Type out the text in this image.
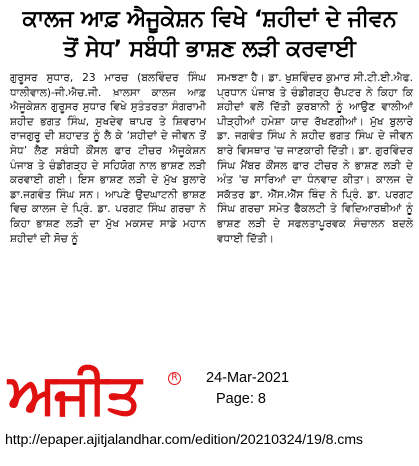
ਕਾਲਜ ਆਫ਼ ਐਜੂਕੇਸ਼ਨ ਵਿਖੇ ‘ਸ਼ਹੀਦਾਂ ਦੇ ਜੀਵਨ
ਤੋਂ ਸੇਧ’ ਸਬੰਧੀ ਭਾਸ਼ਣ ਲੜੀ ਕਰਵਾਈ

ਗੁਰੂਸਰ ਸੁਧਾਰ, 23 ਮਾਰਚ (ਬਲਵਿੰਦਰ ਸਿੰਘ ਧਾਲੀਵਾਲ)-ਜੀ.ਐਚ.ਜੀ. ਖ਼ਾਲਸਾ ਕਾਲਜ ਆਫ਼ ਐਜੂਕੇਸ਼ਨ ਗੁਰੂਸਰ ਸੁਧਾਰ ਵਿਖੇ ਸੁਤੰਤਰਤਾ ਸੰਗਰਾਮੀ ਸ਼ਹੀਦ ਭਗਤ ਸਿੰਘ, ਸੁਖਦੇਵ ਥਾਪਰ ਤੇ ਸ਼ਿਵਰਾਮ ਰਾਜਗੁਰੂ ਦੀ ਸ਼ਹਾਦਤ ਨੂੰ ਲੈ ਕੇ ‘ਸ਼ਹੀਦਾਂ ਦੇ ਜੀਵਨ ਤੋਂ ਸੇਧ’ ਲੈਣ ਸਬੰਧੀ ਕੌਂਸਲ ਫਾਰ ਟੀਚਰ ਐਜੂਕੇਸ਼ਨ ਪੰਜਾਬ ਤੇ ਚੰਡੀਗੜ੍ਹ ਦੇ ਸਹਿਯੋਗ ਨਾਲ ਭਾਸ਼ਣ ਲੜੀ ਕਰਵਾਈ ਗਈ। ਇਸ ਭਾਸ਼ਣ ਲੜੀ ਦੇ ਮੁੱਖ ਬੁਲਾਰੇ ਡਾ.ਜਗਵੰਤ ਸਿੰਘ ਸਨ। ਆਪਣੇ ਉਦਘਾਟਨੀ ਭਾਸ਼ਣ ਵਿਚ ਕਾਲਜ ਦੇ ਪ੍ਰਿੰ. ਡਾ. ਪਰਗਟ ਸਿੰਘ ਗਰਚਾ ਨੇ ਕਿਹਾ ਭਾਸ਼ਣ ਲੜੀ ਦਾ ਮੁੱਖ ਮਕਸਦ ਸਾਡੇ ਮਹਾਨ ਸ਼ਹੀਦਾਂ ਦੀ ਸੋਚ ਨੂੰ

ਸਮਝਣਾ ਹੈ। ਡਾ. ਖੁਸ਼ਵਿੰਦਰ ਕੁਮਾਰ ਸੀ.ਟੀ.ਈ.ਐਫ. ਪ੍ਰਧਾਨ ਪੰਜਾਬ ਤੇ ਚੰਡੀਗੜ੍ਹ ਚੈਪਟਰ ਨੇ ਕਿਹਾ ਕਿ ਸ਼ਹੀਦਾਂ ਵਲੋਂ ਦਿੱਤੀ ਕੁਰਬਾਨੀ ਨੂੰ ਆਉਣ ਵਾਲੀਆਂ ਪੀੜ੍ਹੀਆਂ ਹਮੇਸ਼ਾ ਯਾਦ ਰੱਖਣਗੀਆਂ। ਮੁੱਖ ਬੁਲਾਰੇ ਡਾ. ਜਗਵੰਤ ਸਿੰਘ ਨੇ ਸ਼ਹੀਦ ਭਗਤ ਸਿੰਘ ਦੇ ਜੀਵਨ ਬਾਰੇ ਵਿਸਥਾਰ 'ਚ ਜਾਣਕਾਰੀ ਦਿੱਤੀ। ਡਾ. ਗੁਰਵਿੰਦਰ ਸਿੰਘ ਮੈਂਬਰ ਕੌਂਸਲ ਫਾਰ ਟੀਚਰ ਨੇ ਭਾਸ਼ਣ ਲੜੀ ਦੇ ਅੰਤ 'ਚ ਸਾਰਿਆਂ ਦਾ ਧੰਨਵਾਦ ਕੀਤਾ। ਕਾਲਜ ਦੇ ਸਕੱਤਰ ਡਾ. ਐੱਸ.ਐੱਸ ਥਿੰਦ ਨੇ ਪ੍ਰਿੰ. ਡਾ. ਪਰਗਟ ਸਿੰਘ ਗਰਚਾ ਸਮੇਤ ਫੈਕਲਟੀ ਤੇ ਵਿਦਿਆਰਥੀਆਂ ਨੂੰ ਭਾਸ਼ਣ ਲੜੀ ਦੇ ਸਫਲਤਾਪੂਰਵਕ ਸੰਚਾਲਨ ਬਦਲੇ ਵਧਾਈ ਦਿੱਤੀ।

ਅਜੀਤ	R 24-Mar-2021
Page: 8
http://epaper.ajitjalandhar.com/edition/20210324/19/8.cms
